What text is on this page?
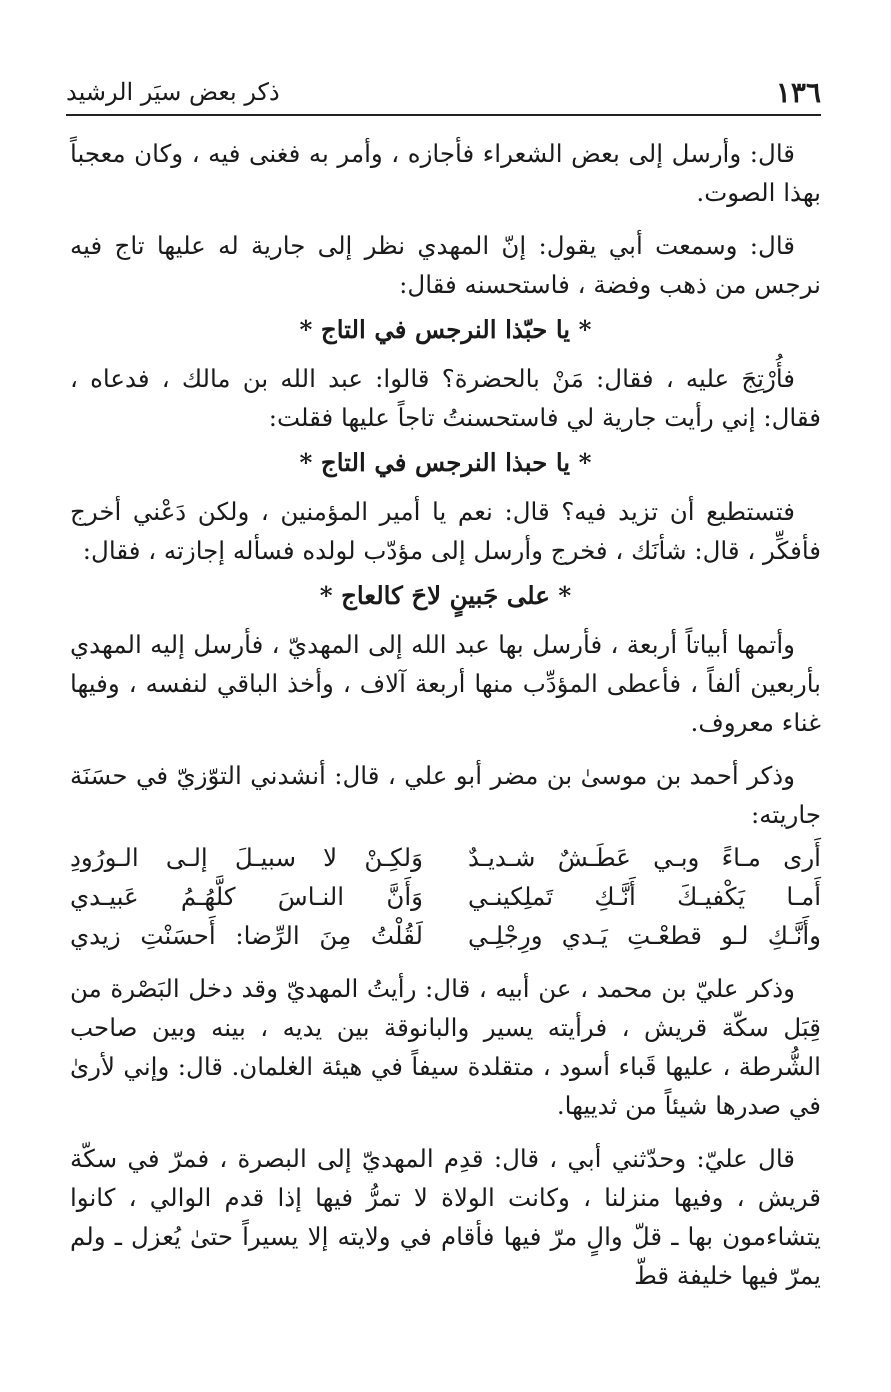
١٣٦
ذكر بعض سيَر الرشيد

قال: وأرسل إلى بعض الشعراء فأجازه ، وأمر به فغنى فيه ، وكان معجباً بهذا الصوت.

قال: وسمعت أبي يقول: إنّ المهدي نظر إلى جارية له عليها تاج فيه نرجس من ذهب وفضة ، فاستحسنه فقال:

* يا حبّذا النرجس في التاج *

فأُرْتِجَ عليه ، فقال: مَنْ بالحضرة؟ قالوا: عبد الله بن مالك ، فدعاه ، فقال: إني رأيت جارية لي فاستحسنتُ تاجاً عليها فقلت:

* يا حبذا النرجس في التاج *

فتستطيع أن تزيد فيه؟ قال: نعم يا أمير المؤمنين ، ولكن دَعْني أخرج فأفكِّر ، قال: شأنَك ، فخرج وأرسل إلى مؤدّب لولده فسأله إجازته ، فقال:

* على جَبينٍ لاحَ كالعاج *

وأتمها أبياتاً أربعة ، فأرسل بها عبد الله إلى المهديّ ، فأرسل إليه المهدي بأربعين ألفاً ، فأعطى المؤدِّب منها أربعة آلاف ، وأخذ الباقي لنفسه ، وفيها غناء معروف.

وذكر أحمد بن موسىٰ بن مضر أبو علي ، قال: أنشدني التوّزيّ في حسَنَة جاريته:

أَرى مـاءً وبـي عَطَـشٌ شـديـدٌ
وَلكِـنْ لا سبيـلَ إلـى الـورُودِ
أَمـا يَكْفيـكَ أَنَّـكِ تَملِكينـي
وَأَنَّ النـاسَ كلَّهُـمُ عَبيـدي
وأَنَّـكِ لـو قطعْـتِ يَـدي ورِجْلِـي
لَقُلْتُ مِنَ الرِّضا: أَحسَنْتِ زيدي

وذكر عليّ بن محمد ، عن أبيه ، قال: رأيتُ المهديّ وقد دخل البَصْرة من قِبَل سكّة قريش ، فرأيته يسير والبانوقة بين يديه ، بينه وبين صاحب الشُّرطة ، عليها قَباء أسود ، متقلدة سيفاً في هيئة الغلمان. قال: وإني لأرىٰ في صدرها شيئاً من ثدييها.

قال عليّ: وحدّثني أبي ، قال: قدِم المهديّ إلى البصرة ، فمرّ في سكّة قريش ، وفيها منزلنا ، وكانت الولاة لا تمرُّ فيها إذا قدم الوالي ، كانوا يتشاءمون بها ـ قلّ والٍ مرّ فيها فأقام في ولايته إلا يسيراً حتىٰ يُعزل ـ ولم يمرّ فيها خليفة قطّ
